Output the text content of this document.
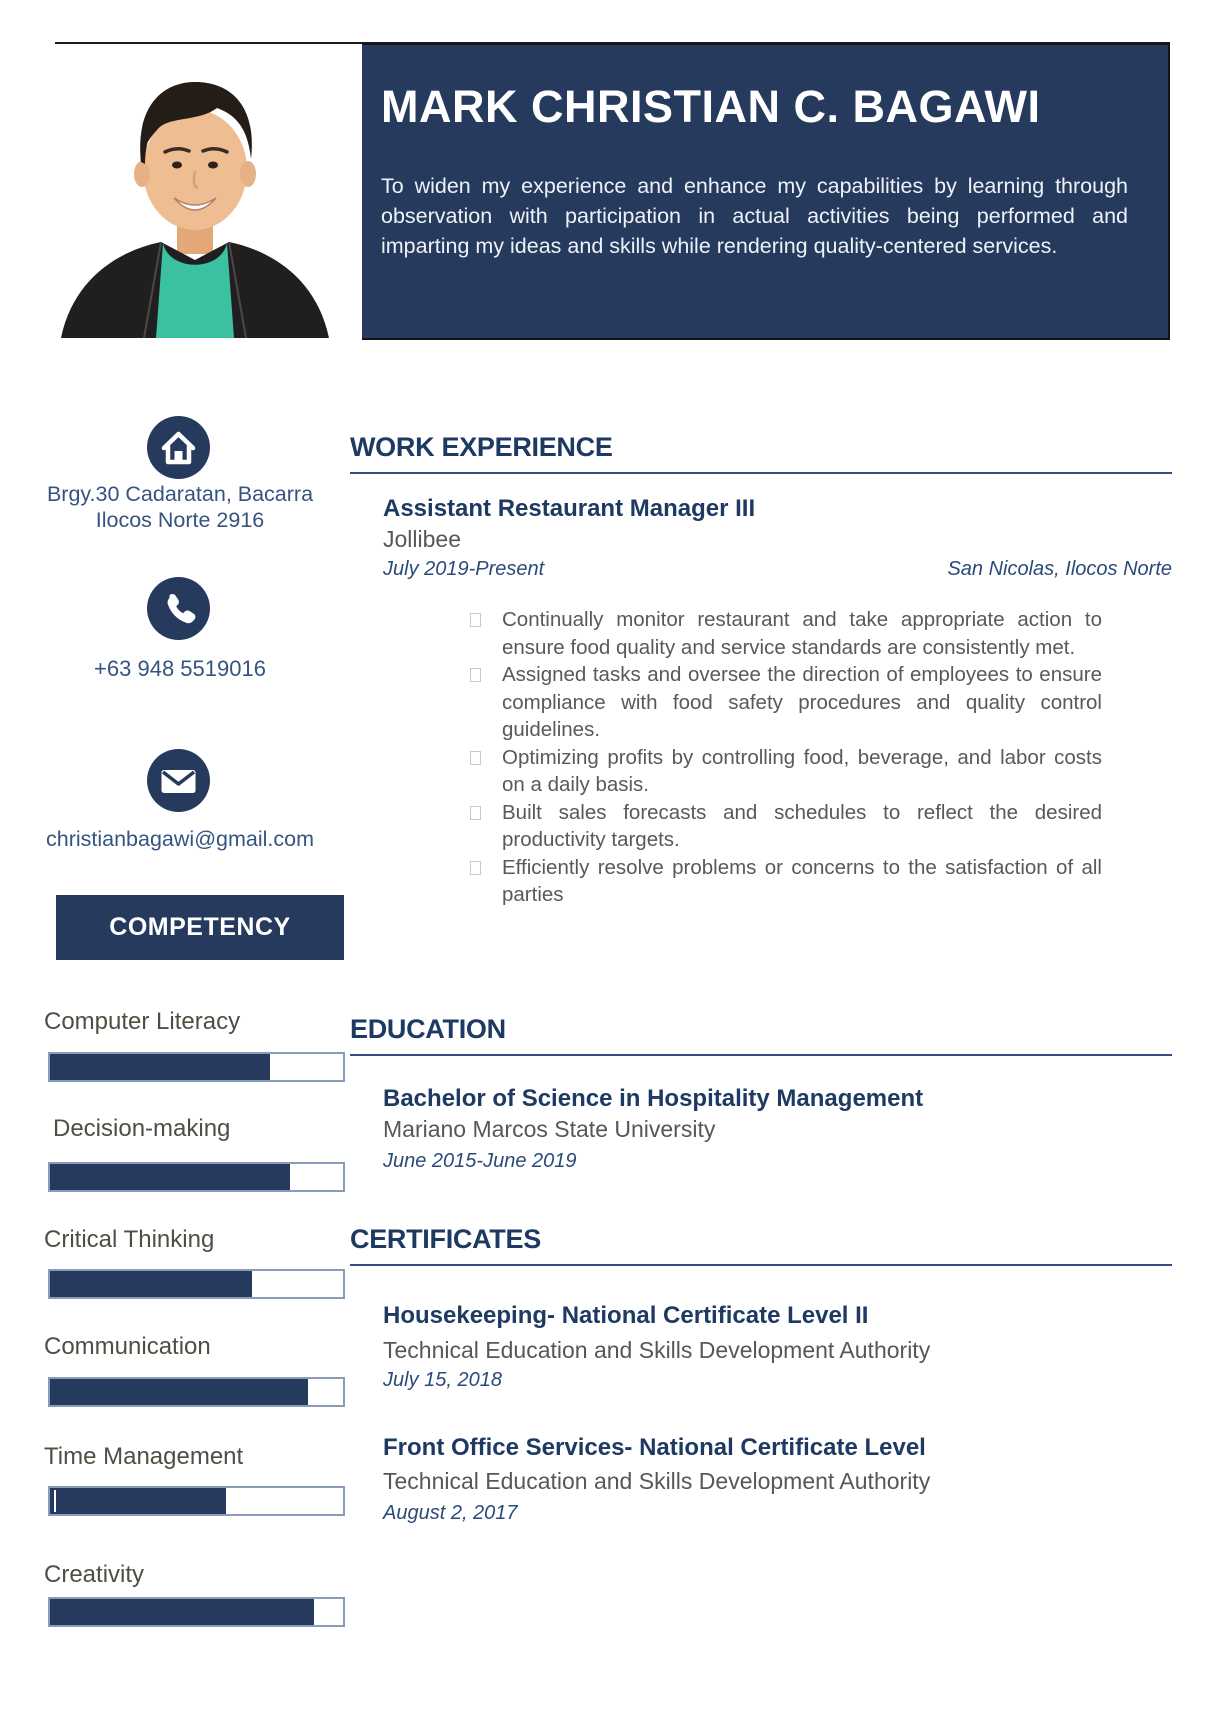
MARK CHRISTIAN C. BAGAWI
To widen my experience and enhance my capabilities by learning through observation with participation in actual activities being performed and imparting my ideas and skills while rendering quality-centered services.
Brgy.30 Cadaratan, Bacarra
Ilocos Norte 2916
+63 948 5519016
christianbagawi@gmail.com
COMPETENCY
Computer Literacy
Decision-making
Critical Thinking
Communication
Time Management
Creativity
WORK EXPERIENCE
Assistant Restaurant Manager III
Jollibee
July 2019-Present	San Nicolas, Ilocos Norte
Continually monitor restaurant and take appropriate action to ensure food quality and service standards are consistently met.
Assigned tasks and oversee the direction of employees to ensure compliance with food safety procedures and quality control guidelines.
Optimizing profits by controlling food, beverage, and labor costs on a daily basis.
Built sales forecasts and schedules to reflect the desired productivity targets.
Efficiently resolve problems or concerns to the satisfaction of all parties
EDUCATION
Bachelor of Science in Hospitality Management
Mariano Marcos State University
June 2015-June 2019
CERTIFICATES
Housekeeping- National Certificate Level II
Technical Education and Skills Development Authority
July 15, 2018
Front Office Services- National Certificate Level
Technical Education and Skills Development Authority
August 2, 2017
